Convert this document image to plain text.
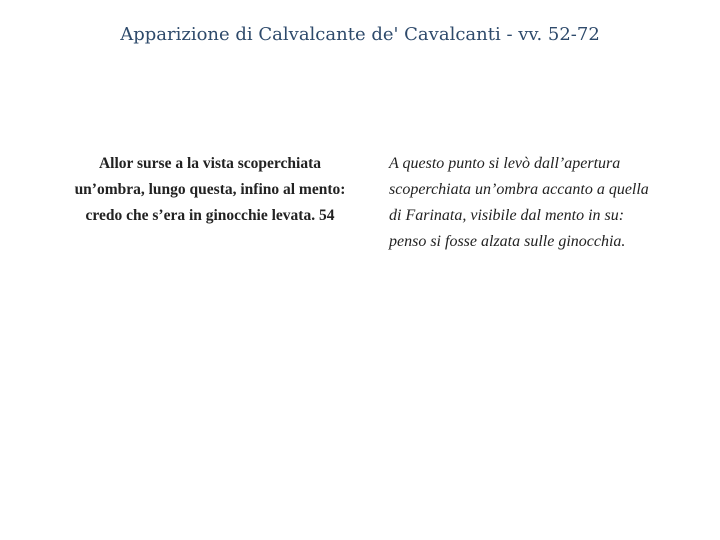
Apparizione di Calvalcante de' Cavalcanti - vv. 52-72
Allor surse a la vista scoperchiata
un’ombra, lungo questa, infino al mento:
credo che s’era in ginocchie levata. 54
A questo punto si levò dall’apertura
scoperchiata un’ombra accanto a quella
di Farinata, visibile dal mento in su:
penso si fosse alzata sulle ginocchia.
